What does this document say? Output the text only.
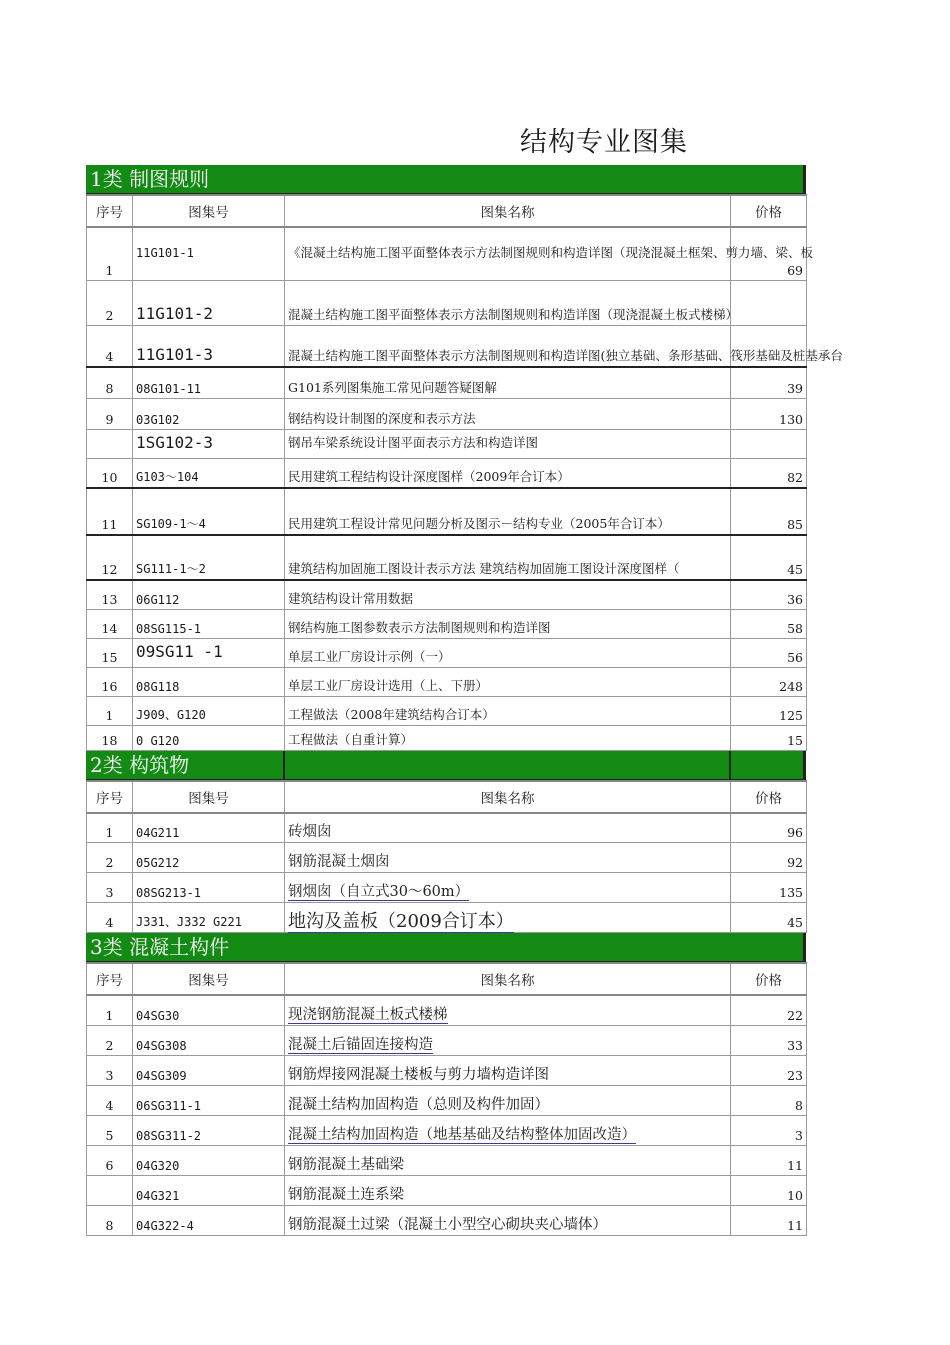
结构专业图集
1类 制图规则
序号	图集号	图集名称	价格
1	11G101-1	《混凝土结构施工图平面整体表示方法制图规则和构造详图（现浇混凝土框架、剪力墙、梁、板	69
2	11G101-2	混凝土结构施工图平面整体表示方法制图规则和构造详图（现浇混凝土板式楼梯）	
4	11G101-3	混凝土结构施工图平面整体表示方法制图规则和构造详图(独立基础、条形基础、筏形基础及桩基承台	
8	08G101-11	G101系列图集施工常见问题答疑图解	39
9	03G102	钢结构设计制图的深度和表示方法	130
	1SG102-3	钢吊车梁系统设计图平面表示方法和构造详图	
10	G103～104	民用建筑工程结构设计深度图样（2009年合订本）	82
11	SG109-1～4	民用建筑工程设计常见问题分析及图示－结构专业（2005年合订本）	85
12	SG111-1～2	建筑结构加固施工图设计表示方法 建筑结构加固施工图设计深度图样（	45
13	06G112	建筑结构设计常用数据	36
14	08SG115-1	钢结构施工图参数表示方法制图规则和构造详图	58
15	09SG11 -1	单层工业厂房设计示例（一）	56
16	08G118	单层工业厂房设计选用（上、下册）	248
1	J909、G120	工程做法（2008年建筑结构合订本）	125
18	0 G120	工程做法（自重计算）	15
2类 构筑物
序号	图集号	图集名称	价格
1	04G211	砖烟囱	96
2	05G212	钢筋混凝土烟囱	92
3	08SG213-1	钢烟囱（自立式30～60m）	135
4	J331、J332 G221	地沟及盖板（2009合订本）	45
3类 混凝土构件
序号	图集号	图集名称	价格
1	04SG30	现浇钢筋混凝土板式楼梯	22
2	04SG308	混凝土后锚固连接构造	33
3	04SG309	钢筋焊接网混凝土楼板与剪力墙构造详图	23
4	06SG311-1	混凝土结构加固构造（总则及构件加固）	8
5	08SG311-2	混凝土结构加固构造（地基基础及结构整体加固改造）	3
6	04G320	钢筋混凝土基础梁	11
	04G321	钢筋混凝土连系梁	10
8	04G322-4	钢筋混凝土过梁（混凝土小型空心砌块夹心墙体）	11
